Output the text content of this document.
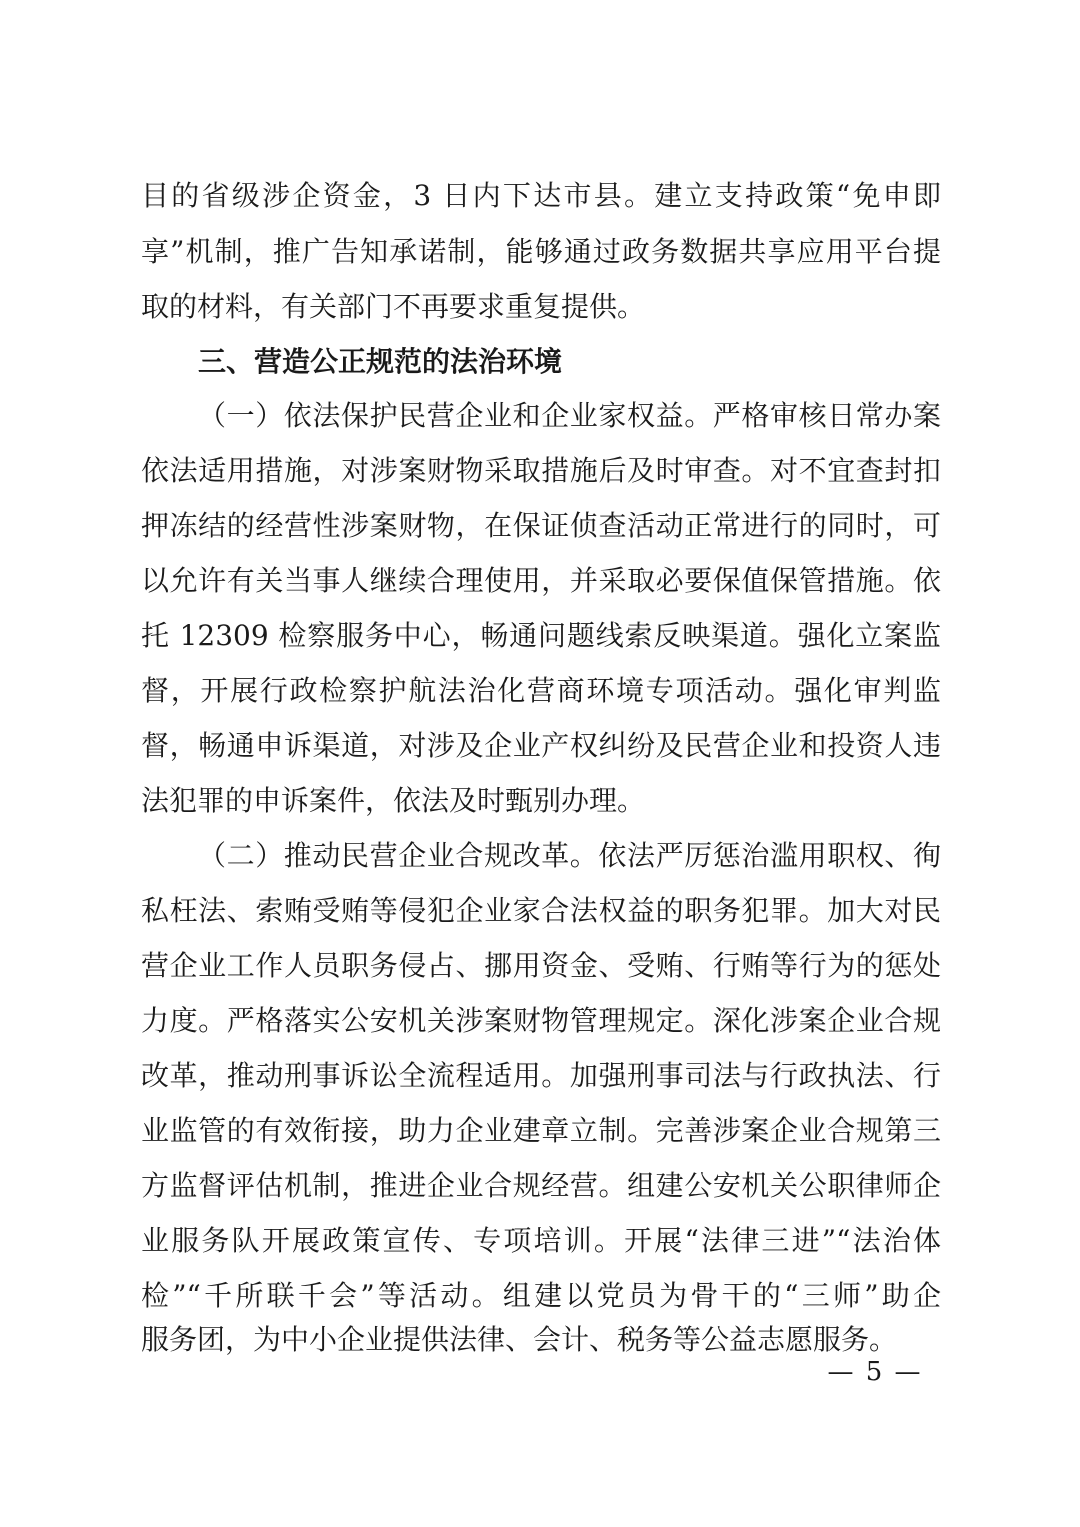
目的省级涉企资金，3 日内下达市县。建立支持政策“免申即
享”机制，推广告知承诺制，能够通过政务数据共享应用平台提
取的材料，有关部门不再要求重复提供。
三、营造公正规范的法治环境
（一）依法保护民营企业和企业家权益。严格审核日常办案
依法适用措施，对涉案财物采取措施后及时审查。对不宜查封扣
押冻结的经营性涉案财物，在保证侦查活动正常进行的同时，可
以允许有关当事人继续合理使用，并采取必要保值保管措施。依
托 12309 检察服务中心，畅通问题线索反映渠道。强化立案监
督，开展行政检察护航法治化营商环境专项活动。强化审判监
督，畅通申诉渠道，对涉及企业产权纠纷及民营企业和投资人违
法犯罪的申诉案件，依法及时甄别办理。
（二）推动民营企业合规改革。依法严厉惩治滥用职权、徇
私枉法、索贿受贿等侵犯企业家合法权益的职务犯罪。加大对民
营企业工作人员职务侵占、挪用资金、受贿、行贿等行为的惩处
力度。严格落实公安机关涉案财物管理规定。深化涉案企业合规
改革，推动刑事诉讼全流程适用。加强刑事司法与行政执法、行
业监管的有效衔接，助力企业建章立制。完善涉案企业合规第三
方监督评估机制，推进企业合规经营。组建公安机关公职律师企
业服务队开展政策宣传、专项培训。开展“法律三进”“法治体
检”“千所联千会”等活动。组建以党员为骨干的“三师”助企
服务团，为中小企业提供法律、会计、税务等公益志愿服务。
— 5 —
